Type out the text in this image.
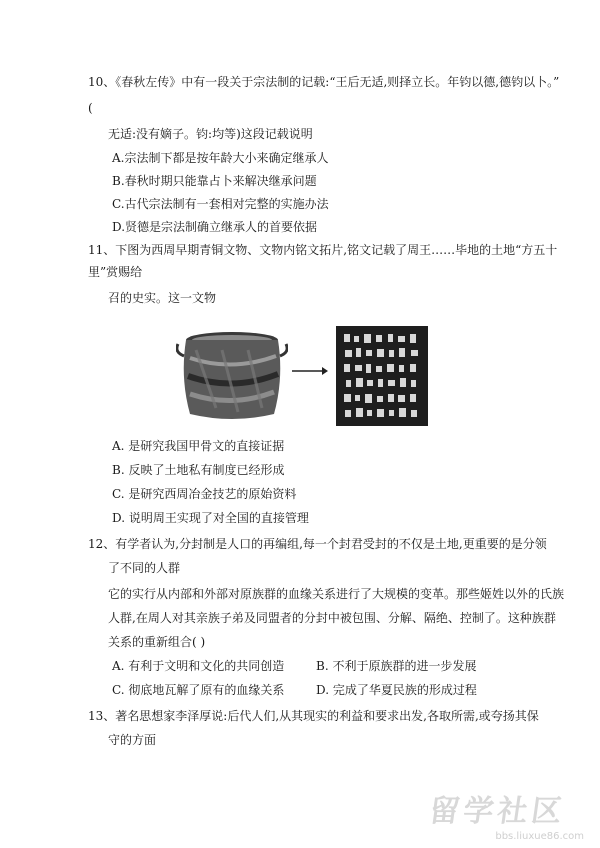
10、《春秋左传》中有一段关于宗法制的记载:“王后无适,则择立长。年钧以德,德钧以卜。”
(
无适:没有嫡子。钧:均等)这段记载说明
A.宗法制下都是按年龄大小来确定继承人
B.春秋时期只能靠占卜来解决继承问题
C.古代宗法制有一套相对完整的实施办法
D.贤德是宗法制确立继承人的首要依据
11、下图为西周早期青铜文物、文物内铭文拓片,铭文记载了周王……毕地的土地“方五十
里”赏赐给
召的史实。这一文物
A. 是研究我国甲骨文的直接证据
B. 反映了土地私有制度已经形成
C. 是研究西周冶金技艺的原始资料
D. 说明周王实现了对全国的直接管理
12、有学者认为,分封制是人口的再编组,每一个封君受封的不仅是土地,更重要的是分领
了不同的人群
它的实行从内部和外部对原族群的血缘关系进行了大规模的变革。那些姬姓以外的氏族
人群,在周人对其亲族子弟及同盟者的分封中被包围、分解、隔绝、控制了。这种族群
关系的重新组合( )
A. 有利于文明和文化的共同创造	B. 不利于原族群的进一步发展
C. 彻底地瓦解了原有的血缘关系	D. 完成了华夏民族的形成过程
13、著名思想家李泽厚说:后代人们,从其现实的利益和要求出发,各取所需,或夸扬其保
守的方面
留学社区
bbs.liuxue86.com
